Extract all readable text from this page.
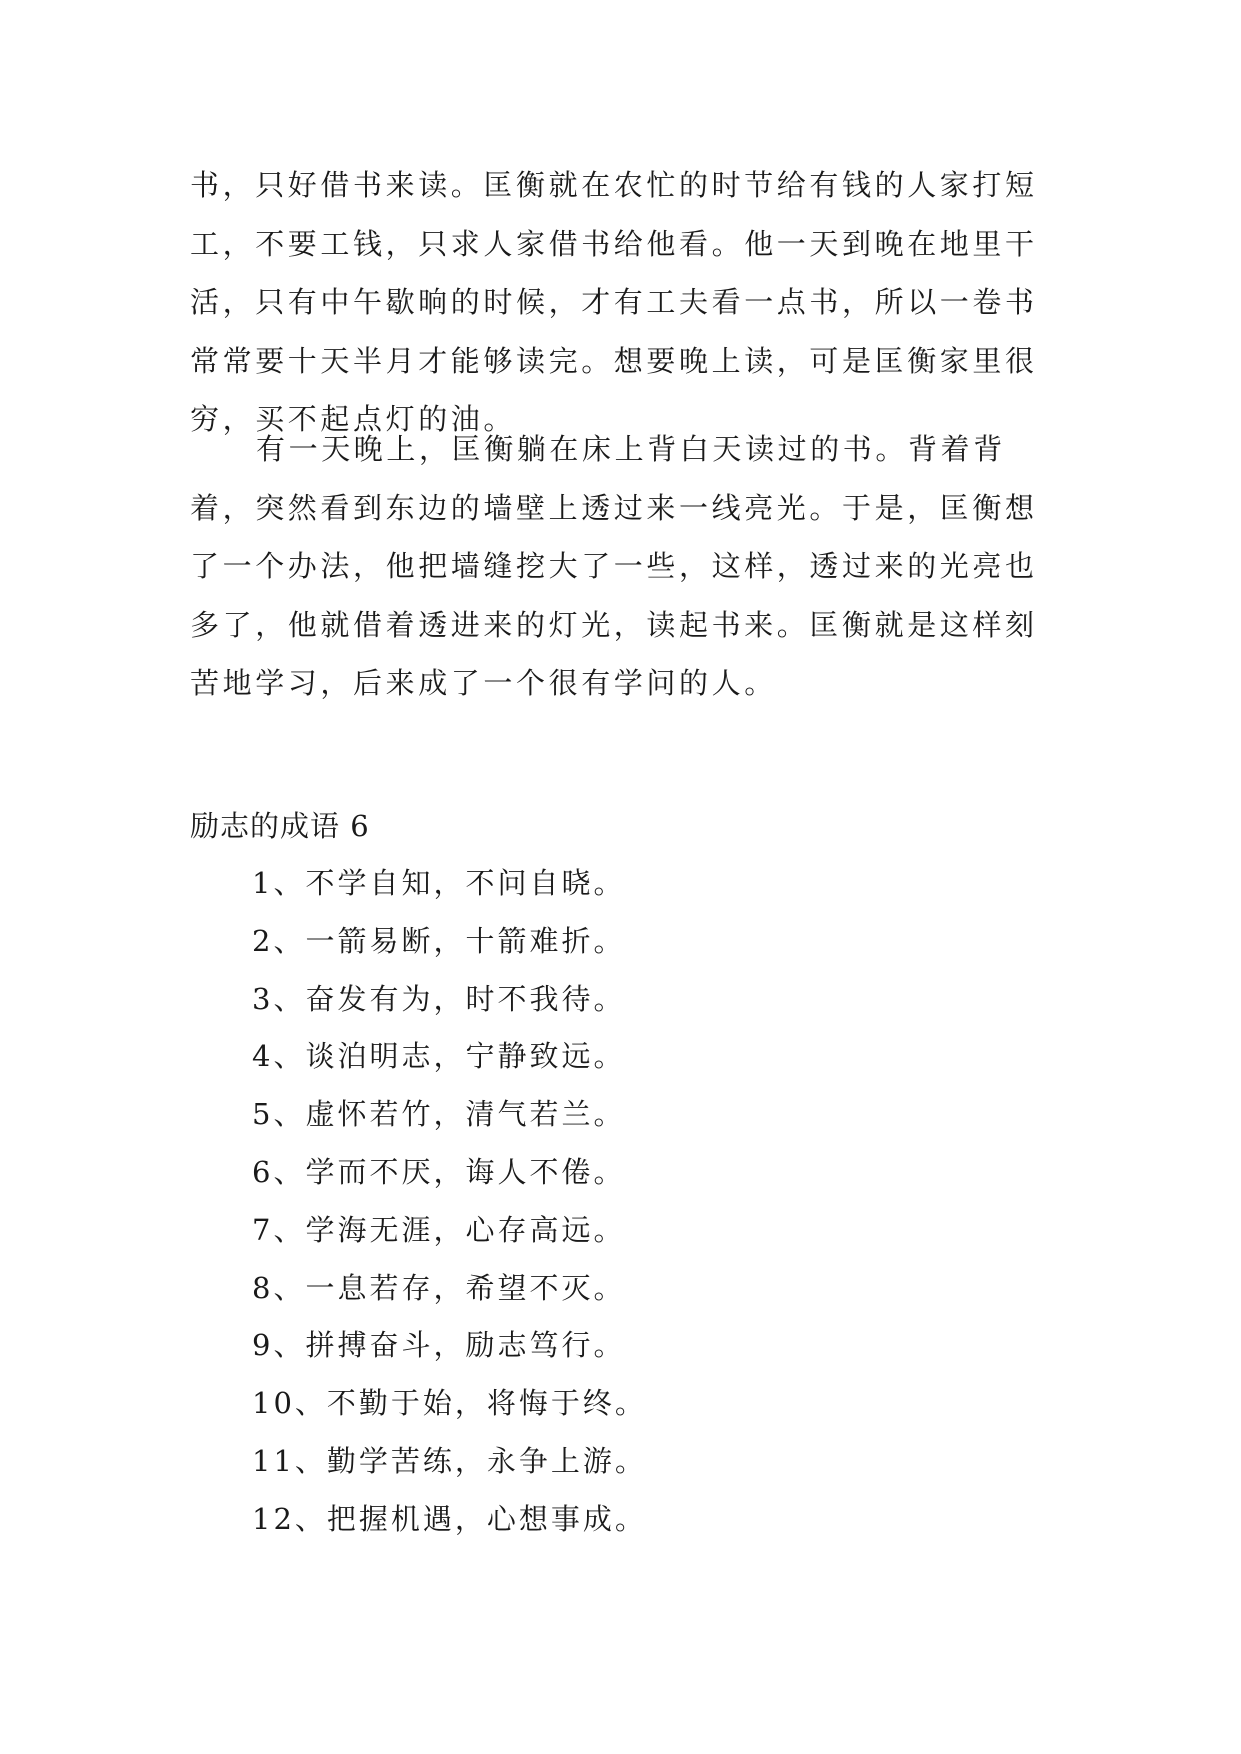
书，只好借书来读。匡衡就在农忙的时节给有钱的人家打短工，不要工钱，只求人家借书给他看。他一天到晚在地里干活，只有中午歇晌的时候，才有工夫看一点书，所以一卷书常常要十天半月才能够读完。想要晚上读，可是匡衡家里很穷，买不起点灯的油。

有一天晚上，匡衡躺在床上背白天读过的书。背着背着，突然看到东边的墙壁上透过来一线亮光。于是，匡衡想了一个办法，他把墙缝挖大了一些，这样，透过来的光亮也多了，他就借着透进来的灯光，读起书来。匡衡就是这样刻苦地学习，后来成了一个很有学问的人。

励志的成语 6
1、不学自知，不问自晓。
2、一箭易断，十箭难折。
3、奋发有为，时不我待。
4、谈泊明志，宁静致远。
5、虚怀若竹，清气若兰。
6、学而不厌，诲人不倦。
7、学海无涯，心存高远。
8、一息若存，希望不灭。
9、拼搏奋斗，励志笃行。
10、不勤于始，将悔于终。
11、勤学苦练，永争上游。
12、把握机遇，心想事成。
